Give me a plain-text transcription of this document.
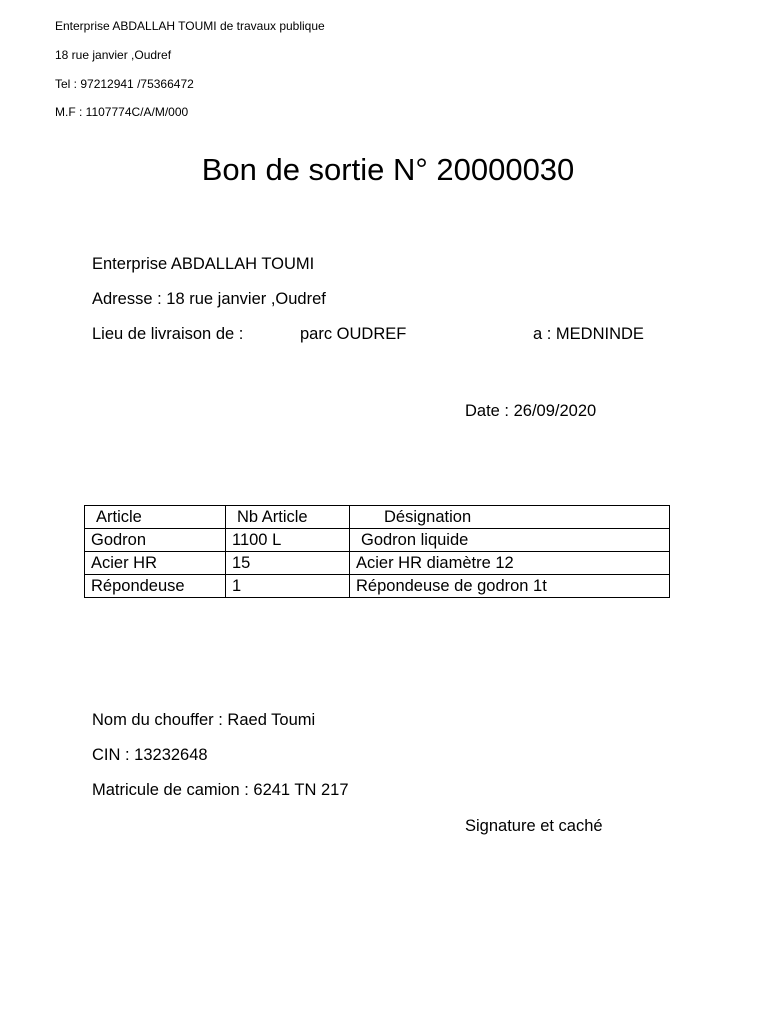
Enterprise ABDALLAH TOUMI de travaux publique
18 rue janvier ,Oudref
Tel : 97212941 /75366472
M.F : 1107774C/A/M/000
Bon de sortie N° 20000030
Enterprise ABDALLAH TOUMI
Adresse : 18 rue janvier ,Oudref
Lieu de livraison de :	parc OUDREF	a : MEDNINDE
Date : 26/09/2020
Article	Nb Article	Désignation
Godron	1100 L	Godron liquide
Acier HR	15	Acier HR diamètre 12
Répondeuse	1	Répondeuse de godron 1t
Nom du chouffer : Raed Toumi
CIN : 13232648
Matricule de camion : 6241 TN 217
Signature et caché
